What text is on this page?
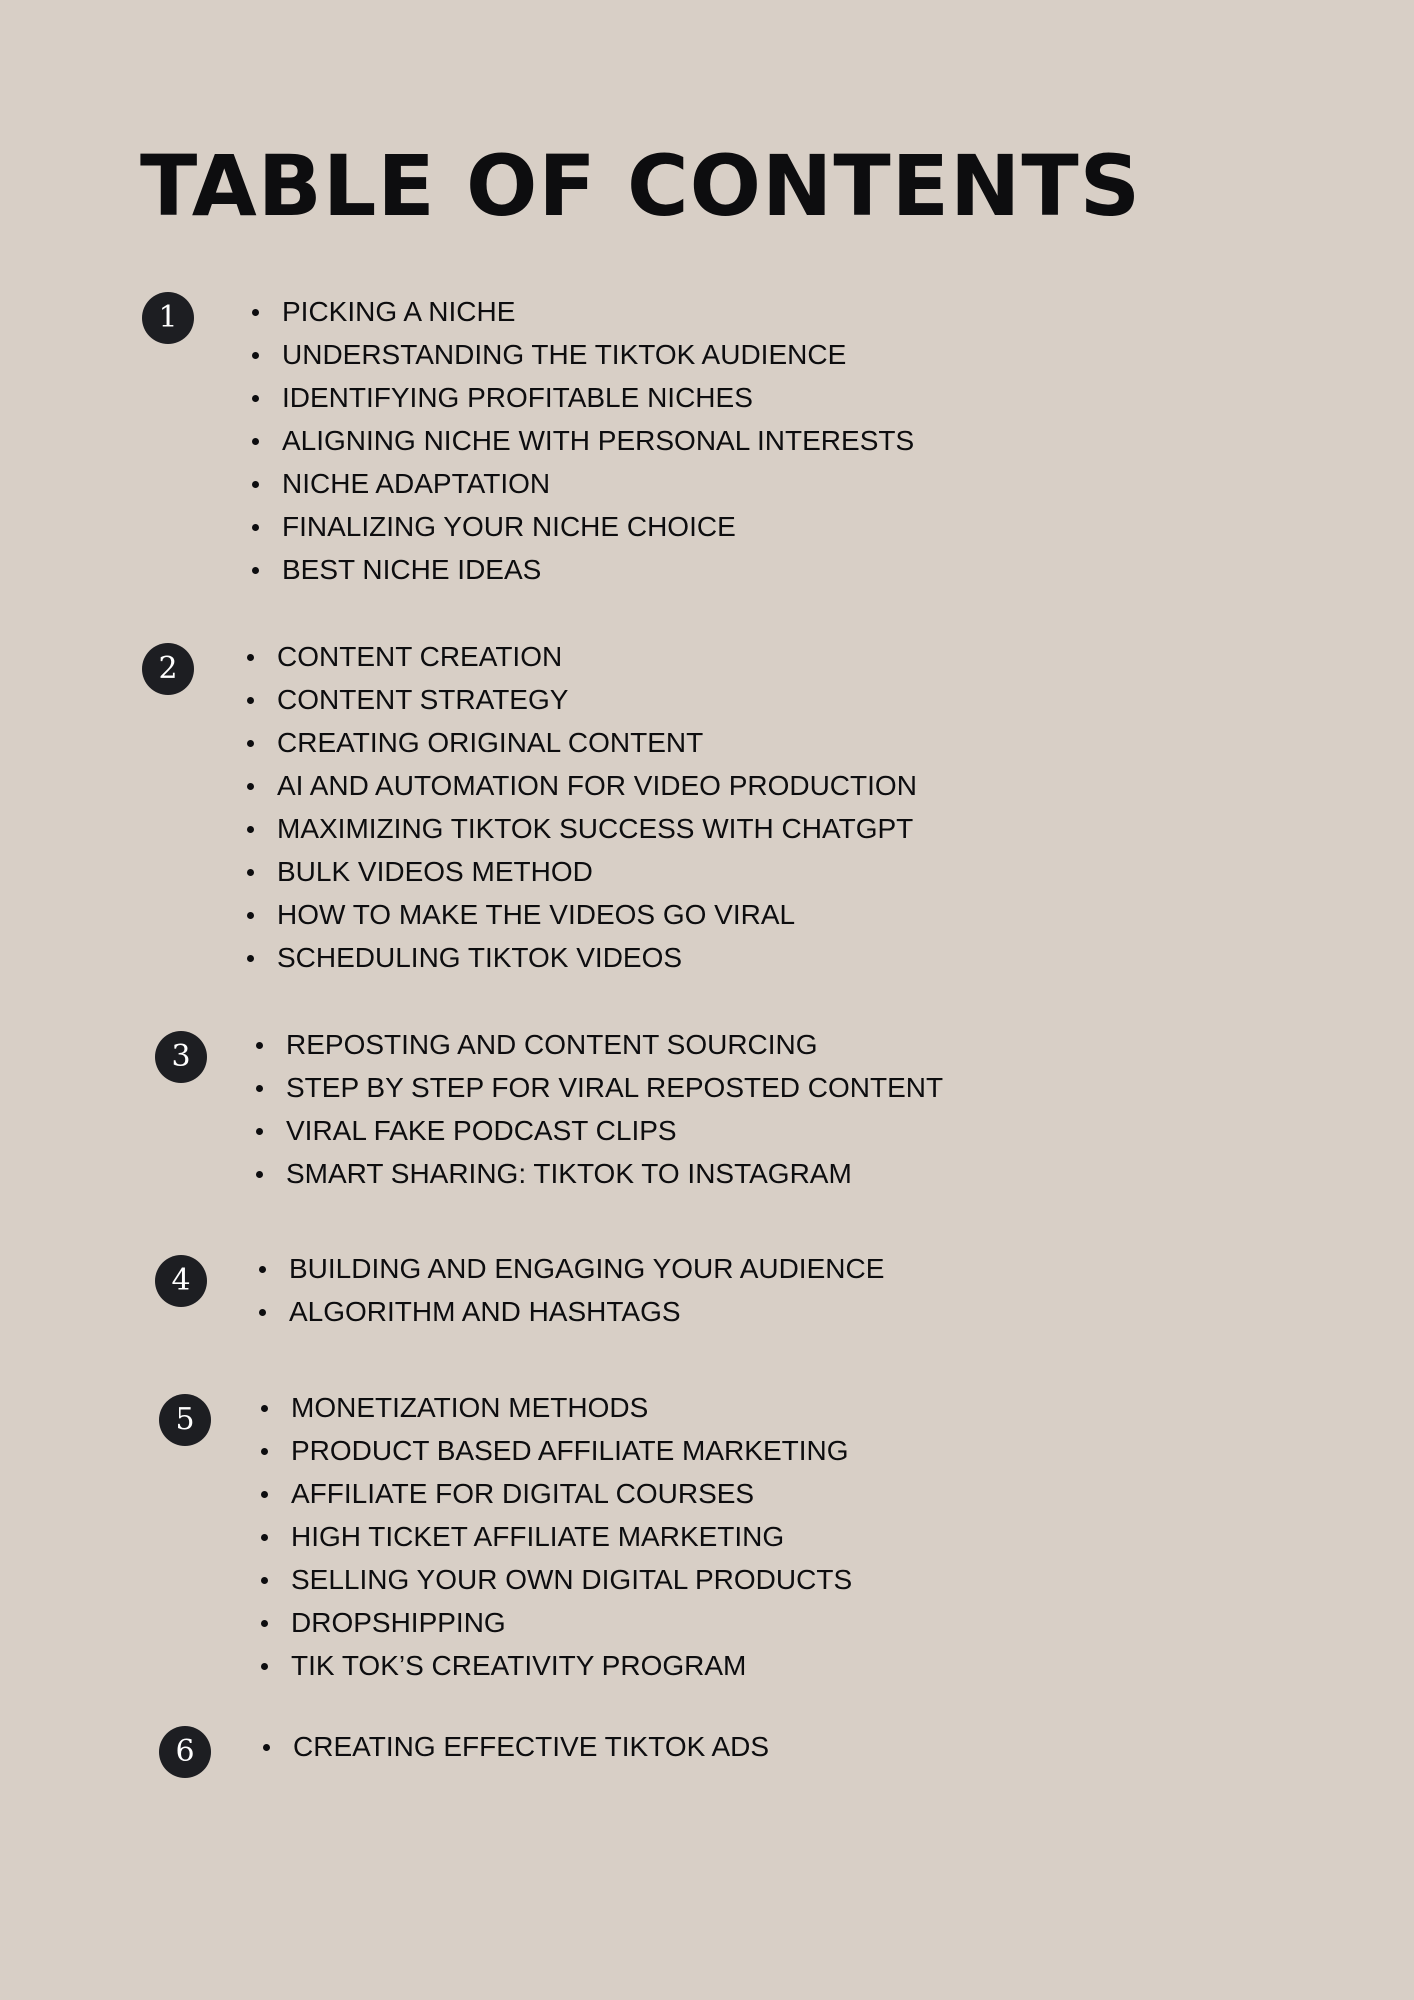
TABLE OF CONTENTS
1	PICKING A NICHE
UNDERSTANDING THE TIKTOK AUDIENCE
IDENTIFYING PROFITABLE NICHES
ALIGNING NICHE WITH PERSONAL INTERESTS
NICHE ADAPTATION
FINALIZING YOUR NICHE CHOICE
BEST NICHE IDEAS
2	CONTENT CREATION
CONTENT STRATEGY
CREATING ORIGINAL CONTENT
AI AND AUTOMATION FOR VIDEO PRODUCTION
MAXIMIZING TIKTOK SUCCESS WITH CHATGPT
BULK VIDEOS METHOD
HOW TO MAKE THE VIDEOS GO VIRAL
SCHEDULING TIKTOK VIDEOS
3	REPOSTING AND CONTENT SOURCING
STEP BY STEP FOR VIRAL REPOSTED CONTENT
VIRAL FAKE PODCAST CLIPS
SMART SHARING: TIKTOK TO INSTAGRAM
4	BUILDING AND ENGAGING YOUR AUDIENCE
ALGORITHM AND HASHTAGS
5	MONETIZATION METHODS
PRODUCT BASED AFFILIATE MARKETING
AFFILIATE FOR DIGITAL COURSES
HIGH TICKET AFFILIATE MARKETING
SELLING YOUR OWN DIGITAL PRODUCTS
DROPSHIPPING
TIK TOK’S CREATIVITY PROGRAM
6	CREATING EFFECTIVE TIKTOK ADS
